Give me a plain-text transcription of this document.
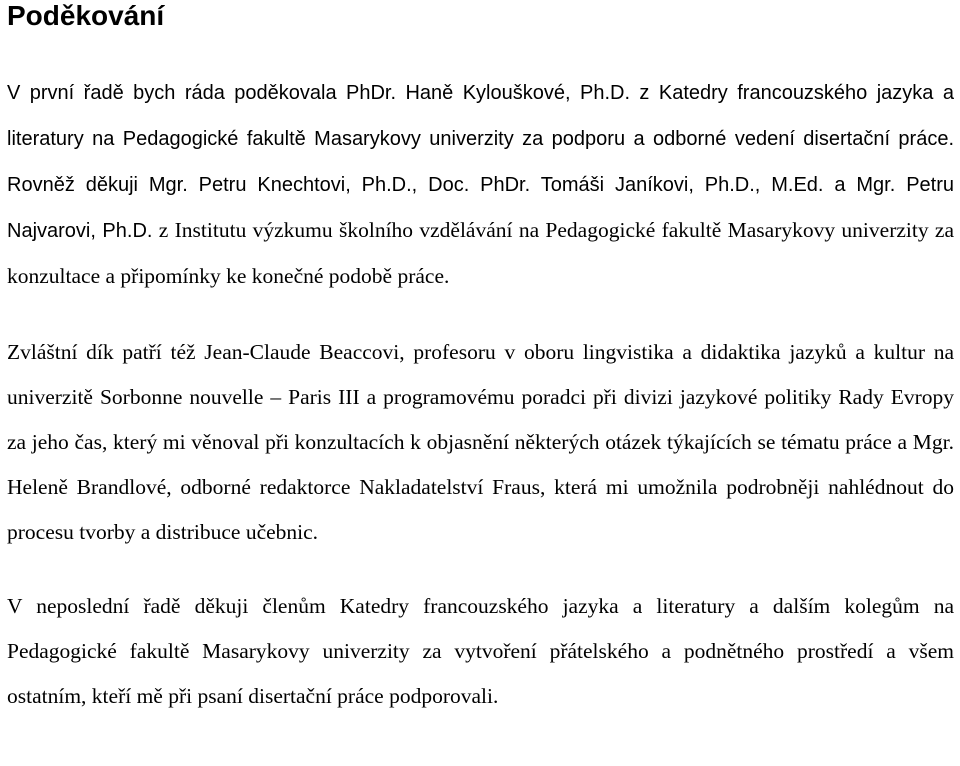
Poděkování

V první řadě bych ráda poděkovala PhDr. Haně Kylouškové, Ph.D. z Katedry francouzského jazyka a literatury na Pedagogické fakultě Masarykovy univerzity za podporu a odborné vedení disertační práce. Rovněž děkuji Mgr. Petru Knechtovi, Ph.D., Doc. PhDr. Tomáši Janíkovi, Ph.D., M.Ed. a Mgr. Petru Najvarovi, Ph.D. z Institutu výzkumu školního vzdělávání na Pedagogické fakultě Masarykovy univerzity za konzultace a připomínky ke konečné podobě práce.

Zvláštní dík patří též Jean-Claude Beaccovi, profesoru v oboru lingvistika a didaktika jazyků a kultur na univerzitě Sorbonne nouvelle – Paris III a programovému poradci při divizi jazykové politiky Rady Evropy za jeho čas, který mi věnoval při konzultacích k objasnění některých otázek týkajících se tématu práce a Mgr. Heleně Brandlové, odborné redaktorce Nakladatelství Fraus, která mi umožnila podrobněji nahlédnout do procesu tvorby a distribuce učebnic.

V neposlední řadě děkuji členům Katedry francouzského jazyka a literatury a dalším kolegům na Pedagogické fakultě Masarykovy univerzity za vytvoření přátelského a podnětného prostředí a všem ostatním, kteří mě při psaní disertační práce podporovali.
